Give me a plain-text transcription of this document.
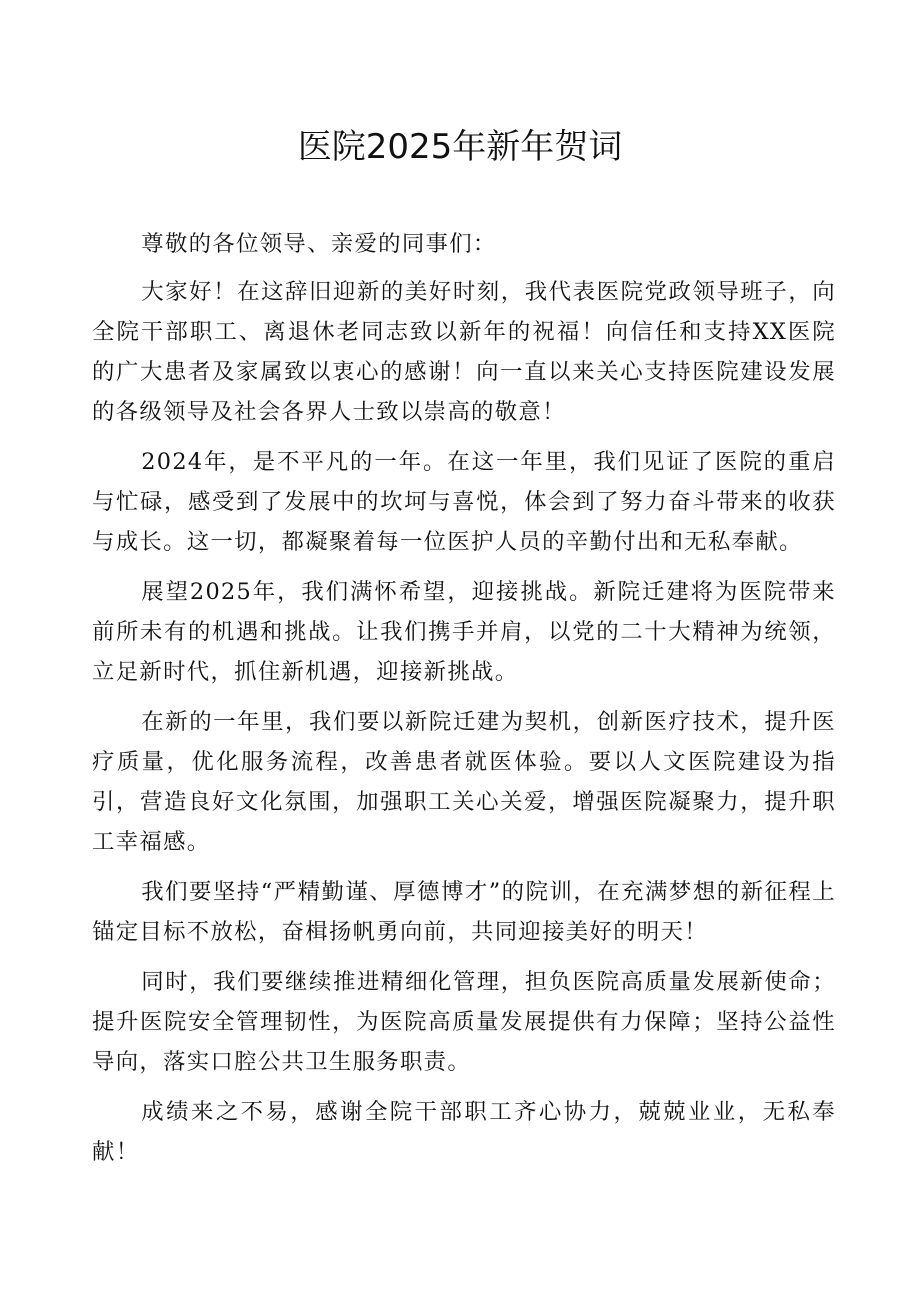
医院2025年新年贺词

尊敬的各位领导、亲爱的同事们：

大家好！在这辞旧迎新的美好时刻，我代表医院党政领导班子，向全院干部职工、离退休老同志致以新年的祝福！向信任和支持XX医院的广大患者及家属致以衷心的感谢！向一直以来关心支持医院建设发展的各级领导及社会各界人士致以崇高的敬意！

2024年，是不平凡的一年。在这一年里，我们见证了医院的重启与忙碌，感受到了发展中的坎坷与喜悦，体会到了努力奋斗带来的收获与成长。这一切，都凝聚着每一位医护人员的辛勤付出和无私奉献。

展望2025年，我们满怀希望，迎接挑战。新院迁建将为医院带来前所未有的机遇和挑战。让我们携手并肩，以党的二十大精神为统领，立足新时代，抓住新机遇，迎接新挑战。

在新的一年里，我们要以新院迁建为契机，创新医疗技术，提升医疗质量，优化服务流程，改善患者就医体验。要以人文医院建设为指引，营造良好文化氛围，加强职工关心关爱，增强医院凝聚力，提升职工幸福感。

我们要坚持“严精勤谨、厚德博才”的院训，在充满梦想的新征程上锚定目标不放松，奋楫扬帆勇向前，共同迎接美好的明天！

同时，我们要继续推进精细化管理，担负医院高质量发展新使命；提升医院安全管理韧性，为医院高质量发展提供有力保障；坚持公益性导向，落实口腔公共卫生服务职责。

成绩来之不易，感谢全院干部职工齐心协力，兢兢业业，无私奉献！
